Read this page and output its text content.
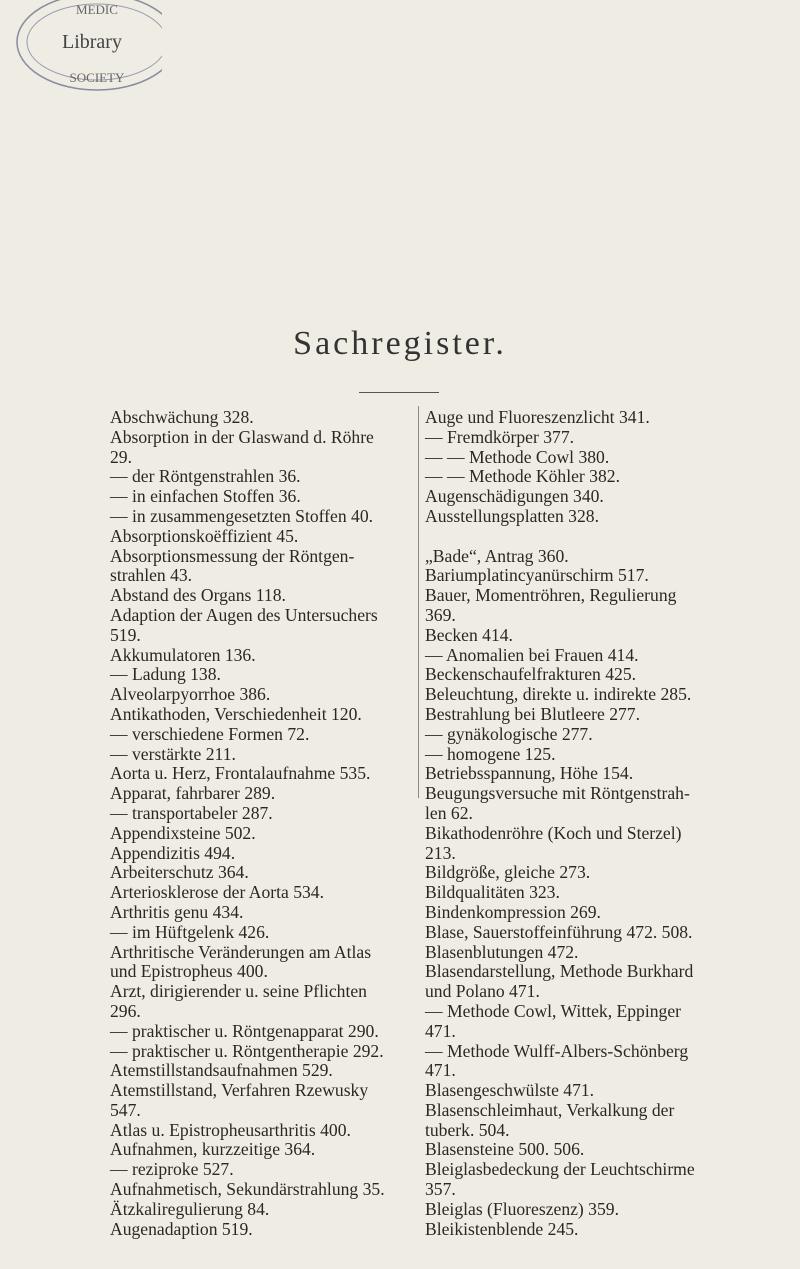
MEDIC
Library
SOCIETY
Sachregister.
Abschwächung 328.
Absorption in der Glaswand d. Röhre
29.
— der Röntgenstrahlen 36.
— in einfachen Stoffen 36.
— in zusammengesetzten Stoffen 40.
Absorptionskoëffizient 45.
Absorptionsmessung der Röntgen-
strahlen 43.
Abstand des Organs 118.
Adaption der Augen des Untersuchers
519.
Akkumulatoren 136.
— Ladung 138.
Alveolarpyorrhoe 386.
Antikathoden, Verschiedenheit 120.
— verschiedene Formen 72.
— verstärkte 211.
Aorta u. Herz, Frontalaufnahme 535.
Apparat, fahrbarer 289.
— transportabeler 287.
Appendixsteine 502.
Appendizitis 494.
Arbeiterschutz 364.
Arteriosklerose der Aorta 534.
Arthritis genu 434.
— im Hüftgelenk 426.
Arthritische Veränderungen am Atlas
und Epistropheus 400.
Arzt, dirigierender u. seine Pflichten
296.
— praktischer u. Röntgenapparat 290.
— praktischer u. Röntgentherapie 292.
Atemstillstandsaufnahmen 529.
Atemstillstand, Verfahren Rzewusky
547.
Atlas u. Epistropheusarthritis 400.
Aufnahmen, kurzzeitige 364.
— reziproke 527.
Aufnahmetisch, Sekundärstrahlung 35.
Ätzkaliregulierung 84.
Augenadaption 519.
Auge und Fluoreszenzlicht 341.
— Fremdkörper 377.
— — Methode Cowl 380.
— — Methode Köhler 382.
Augenschädigungen 340.
Ausstellungsplatten 328.
„Bade“, Antrag 360.
Bariumplatincyanürschirm 517.
Bauer, Momentröhren, Regulierung
369.
Becken 414.
— Anomalien bei Frauen 414.
Beckenschaufelfrakturen 425.
Beleuchtung, direkte u. indirekte 285.
Bestrahlung bei Blutleere 277.
— gynäkologische 277.
— homogene 125.
Betriebsspannung, Höhe 154.
Beugungsversuche mit Röntgenstrah-
len 62.
Bikathodenröhre (Koch und Sterzel)
213.
Bildgröße, gleiche 273.
Bildqualitäten 323.
Bindenkompression 269.
Blase, Sauerstoffeinführung 472. 508.
Blasenblutungen 472.
Blasendarstellung, Methode Burkhard
und Polano 471.
— Methode Cowl, Wittek, Eppinger
471.
— Methode Wulff-Albers-Schönberg
471.
Blasengeschwülste 471.
Blasenschleimhaut, Verkalkung der
tuberk. 504.
Blasensteine 500. 506.
Bleiglasbedeckung der Leuchtschirme
357.
Bleiglas (Fluoreszenz) 359.
Bleikistenblende 245.
